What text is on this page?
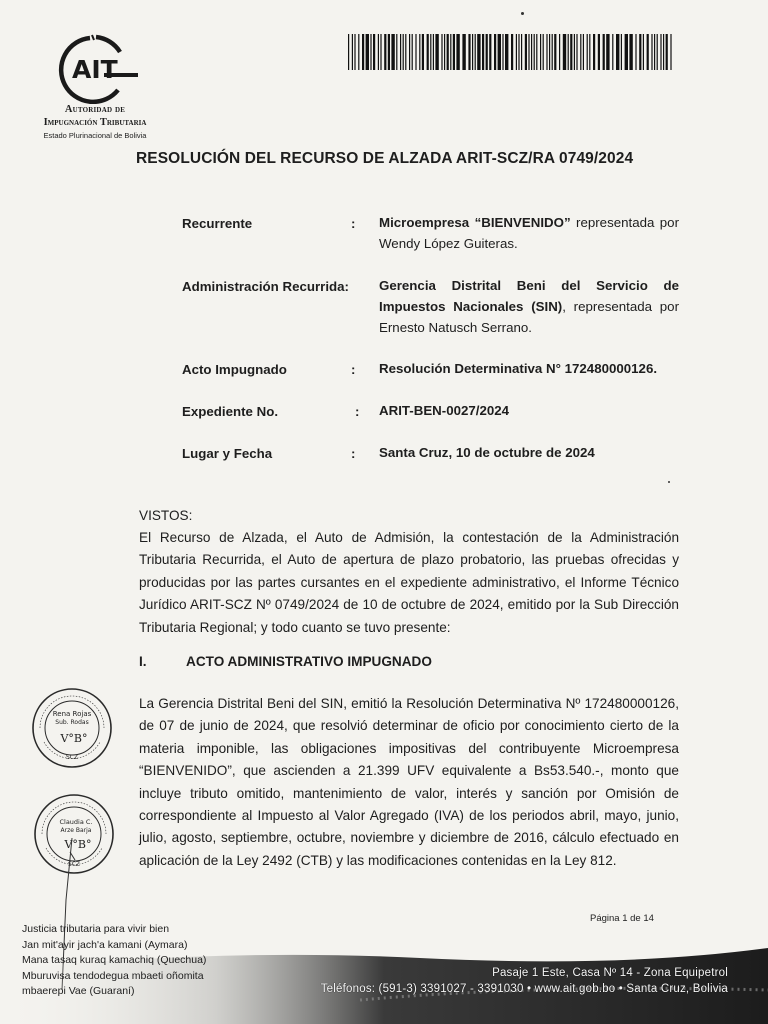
AIT
Autoridad de
Impugnación Tributaria
Estado Plurinacional de Bolivia
RESOLUCIÓN DEL RECURSO DE ALZADA ARIT-SCZ/RA 0749/2024
Recurrente	: Microempresa “BIENVENIDO” representada por Wendy López Guiteras.
Administración Recurrida: Gerencia Distrital Beni del Servicio de Impuestos Nacionales (SIN), representada por Ernesto Natusch Serrano.
Acto Impugnado	: Resolución Determinativa N° 172480000126.
Expediente No.	: ARIT-BEN-0027/2024
Lugar y Fecha	: Santa Cruz, 10 de octubre de 2024
VISTOS:
El Recurso de Alzada, el Auto de Admisión, la contestación de la Administración Tributaria Recurrida, el Auto de apertura de plazo probatorio, las pruebas ofrecidas y producidas por las partes cursantes en el expediente administrativo, el Informe Técnico Jurídico ARIT-SCZ Nº 0749/2024 de 10 de octubre de 2024, emitido por la Sub Dirección Tributaria Regional; y todo cuanto se tuvo presente:
I.	ACTO ADMINISTRATIVO IMPUGNADO
La Gerencia Distrital Beni del SIN, emitió la Resolución Determinativa Nº 172480000126, de 07 de junio de 2024, que resolvió determinar de oficio por conocimiento cierto de la materia imponible, las obligaciones impositivas del contribuyente Microempresa “BIENVENIDO”, que ascienden a 21.399 UFV equivalente a Bs53.540.-, monto que incluye tributo omitido, mantenimiento de valor, interés y sanción por Omisión de correspondiente al Impuesto al Valor Agregado (IVA) de los periodos abril, mayo, junio, julio, agosto, septiembre, octubre, noviembre y diciembre de 2016, cálculo efectuado en aplicación de la Ley 2492 (CTB) y las modificaciones contenidas en la Ley 812.
Rena Rojas
Sub. Rodas
V°B°
SCZ
Claudia C.
Arze Barja
V°B°
SCZ
Página 1 de 14
Justicia tributaria para vivir bien
Jan mit'ayir jach'a kamani (Aymara)
Mana tasaq kuraq kamachiq (Quechua)
Mburuvisa tendodegua mbaeti oñomita
mbaerepi Vae (Guaraní)
Pasaje 1 Este, Casa Nº 14 - Zona Equipetrol
Teléfonos: (591-3) 3391027 - 3391030 • www.ait.gob.bo • Santa Cruz, Bolivia
